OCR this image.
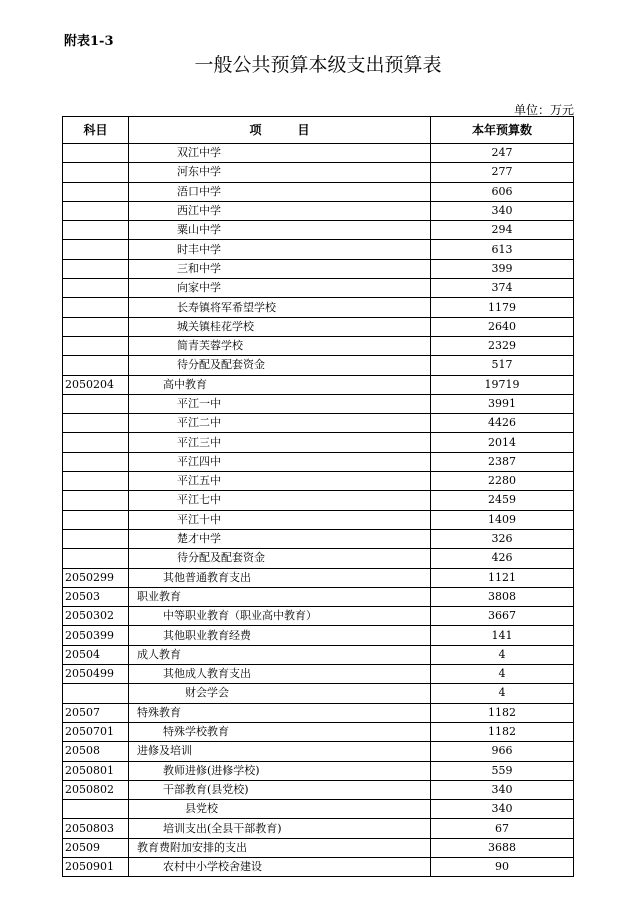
附表1-3
一般公共预算本级支出预算表
单位：万元
科目	项　　　目	本年预算数
	双江中学	247
	河东中学	277
	浯口中学	606
	西江中学	340
	粟山中学	294
	时丰中学	613
	三和中学	399
	向家中学	374
	长寿镇将军希望学校	1179
	城关镇桂花学校	2640
	简青芙蓉学校	2329
	待分配及配套资金	517
2050204	高中教育	19719
	平江一中	3991
	平江二中	4426
	平江三中	2014
	平江四中	2387
	平江五中	2280
	平江七中	2459
	平江十中	1409
	楚才中学	326
	待分配及配套资金	426
2050299	其他普通教育支出	1121
20503	职业教育	3808
2050302	中等职业教育（职业高中教育）	3667
2050399	其他职业教育经费	141
20504	成人教育	4
2050499	其他成人教育支出	4
	财会学会	4
20507	特殊教育	1182
2050701	特殊学校教育	1182
20508	进修及培训	966
2050801	教师进修(进修学校)	559
2050802	干部教育(县党校)	340
	县党校	340
2050803	培训支出(全县干部教育)	67
20509	教育费附加安排的支出	3688
2050901	农村中小学校舍建设	90
